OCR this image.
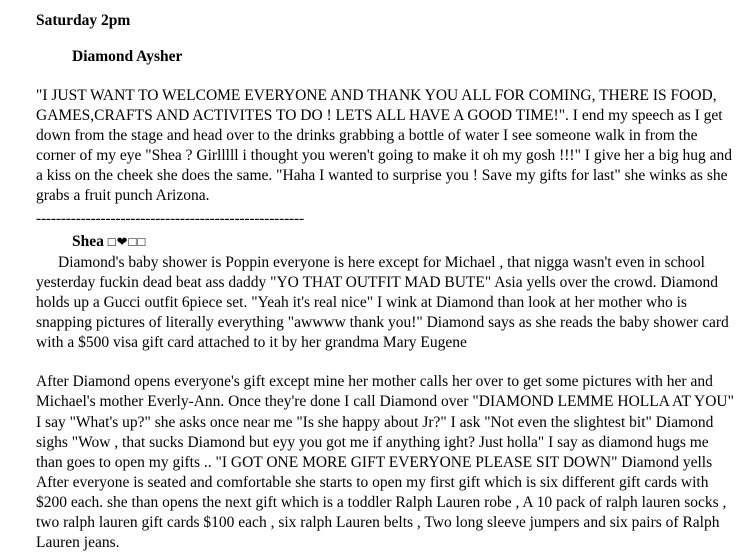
Saturday 2pm
Diamond Aysher

"I JUST WANT TO WELCOME EVERYONE AND THANK YOU ALL FOR COMING, THERE IS FOOD, GAMES,CRAFTS AND ACTIVITES TO DO ! LETS ALL HAVE A GOOD TIME!". I end my speech as I get down from the stage and head over to the drinks grabbing a bottle of water I see someone walk in from the corner of my eye "Shea ? Girlllll i thought you weren't going to make it oh my gosh !!!" I give her a big hug and a kiss on the cheek she does the same. "Haha I wanted to surprise you ! Save my gifts for last" she winks as she grabs a fruit punch Arizona.

------------------------------------------------------
Shea □❤□□

Diamond's baby shower is Poppin everyone is here except for Michael , that nigga wasn't even in school yesterday fuckin dead beat ass daddy "YO THAT OUTFIT MAD BUTE" Asia yells over the crowd. Diamond holds up a Gucci outfit 6piece set. "Yeah it's real nice" I wink at Diamond than look at her mother who is snapping pictures of literally everything "awwww thank you!" Diamond says as she reads the baby shower card with a $500 visa gift card attached to it by her grandma Mary Eugene

After Diamond opens everyone's gift except mine her mother calls her over to get some pictures with her and Michael's mother Everly-Ann. Once they're done I call Diamond over "DIAMOND LEMME HOLLA AT YOU" I say "What's up?" she asks once near me "Is she happy about Jr?" I ask "Not even the slightest bit" Diamond sighs "Wow , that sucks Diamond but eyy you got me if anything ight? Just holla" I say as diamond hugs me than goes to open my gifts .. "I GOT ONE MORE GIFT EVERYONE PLEASE SIT DOWN" Diamond yells After everyone is seated and comfortable she starts to open my first gift which is six different gift cards with $200 each. she than opens the next gift which is a toddler Ralph Lauren robe , A 10 pack of ralph lauren socks , two ralph lauren gift cards $100 each , six ralph Lauren belts , Two long sleeve jumpers and six pairs of Ralph Lauren jeans.
